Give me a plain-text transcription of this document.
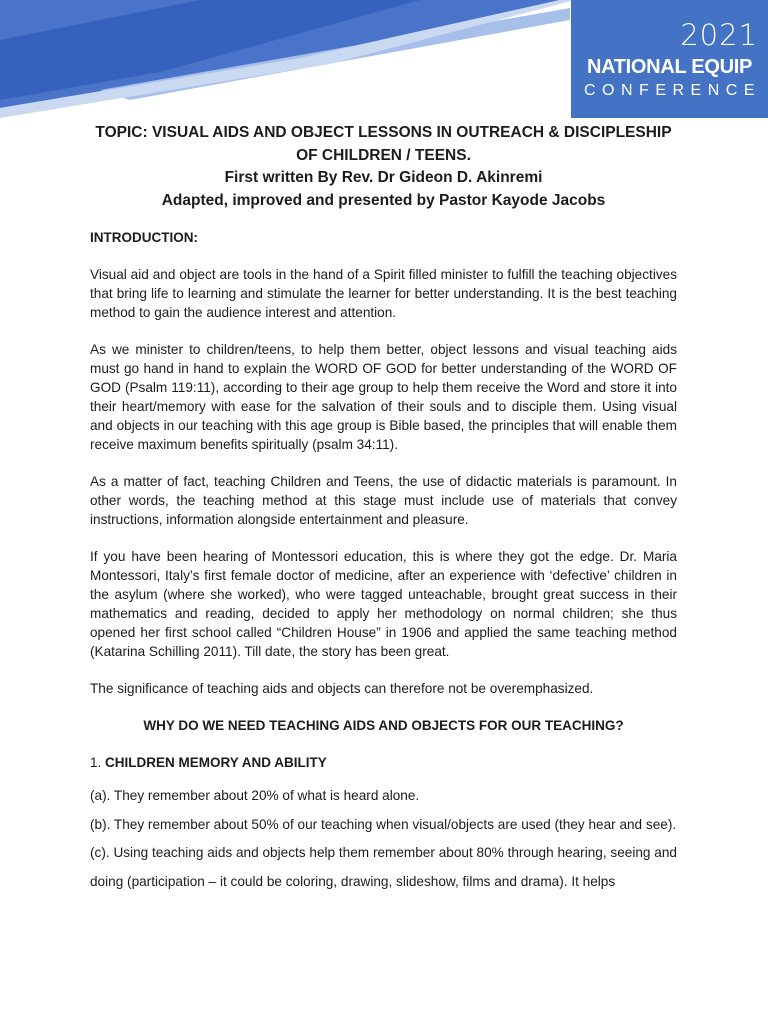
2021
NATIONAL EQUIP
CONFERENCE

TOPIC: VISUAL AIDS AND OBJECT LESSONS IN OUTREACH & DISCIPLESHIP OF CHILDREN / TEENS.
First written By Rev. Dr Gideon D. Akinremi
Adapted, improved and presented by Pastor Kayode Jacobs

INTRODUCTION:

Visual aid and object are tools in the hand of a Spirit filled minister to fulfill the teaching objectives that bring life to learning and stimulate the learner for better understanding. It is the best teaching method to gain the audience interest and attention.

As we minister to children/teens, to help them better, object lessons and visual teaching aids must go hand in hand to explain the WORD OF GOD for better understanding of the WORD OF GOD (Psalm 119:11), according to their age group to help them receive the Word and store it into their heart/memory with ease for the salvation of their souls and to disciple them. Using visual and objects in our teaching with this age group is Bible based, the principles that will enable them receive maximum benefits spiritually (psalm 34:11).

As a matter of fact, teaching Children and Teens, the use of didactic materials is paramount. In other words, the teaching method at this stage must include use of materials that convey instructions, information alongside entertainment and pleasure.

If you have been hearing of Montessori education, this is where they got the edge. Dr. Maria Montessori, Italy’s first female doctor of medicine, after an experience with ‘defective’ children in the asylum (where she worked), who were tagged unteachable, brought great success in their mathematics and reading, decided to apply her methodology on normal children; she thus opened her first school called “Children House” in 1906 and applied the same teaching method (Katarina Schilling 2011). Till date, the story has been great.

The significance of teaching aids and objects can therefore not be overemphasized.

WHY DO WE NEED TEACHING AIDS AND OBJECTS FOR OUR TEACHING?

1. CHILDREN MEMORY AND ABILITY

(a). They remember about 20% of what is heard alone.

(b). They remember about 50% of our teaching when visual/objects are used (they hear and see).

(c). Using teaching aids and objects help them remember about 80% through hearing, seeing and doing (participation – it could be coloring, drawing, slideshow, films and drama). It helps
